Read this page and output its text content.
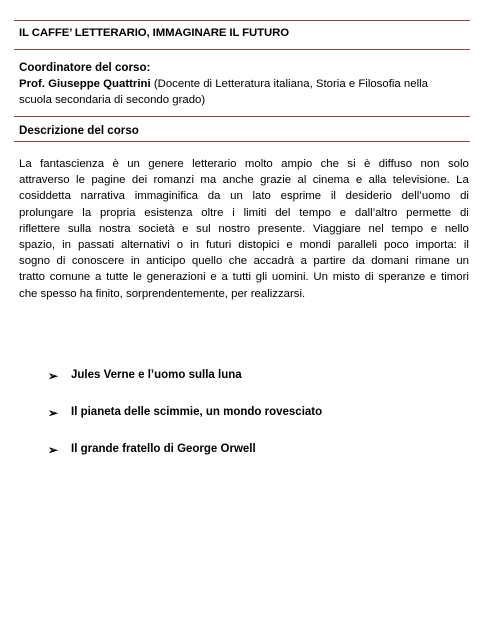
IL CAFFE’ LETTERARIO, IMMAGINARE IL FUTURO
Coordinatore del corso:
Prof. Giuseppe Quattrini (Docente di Letteratura italiana, Storia e Filosofia nella
scuola secondaria di secondo grado)
Descrizione del corso
La fantascienza è un genere letterario molto ampio che si è diffuso non solo
attraverso le pagine dei romanzi ma anche grazie al cinema e alla televisione. La
cosiddetta narrativa immaginifica da un lato esprime il desiderio dell’uomo di
prolungare la propria esistenza oltre i limiti del tempo e dall’altro permette di
riflettere sulla nostra società e sul nostro presente. Viaggiare nel tempo e nello
spazio, in passati alternativi o in futuri distopici e mondi paralleli poco importa: il
sogno di conoscere in anticipo quello che accadrà a partire da domani rimane un
tratto comune a tutte le generazioni e a tutti gli uomini. Un misto di speranze e timori
che spesso ha finito, sorprendentemente, per realizzarsi.
➢ Jules Verne e l’uomo sulla luna
➢ Il pianeta delle scimmie, un mondo rovesciato
➢ Il grande fratello di George Orwell
